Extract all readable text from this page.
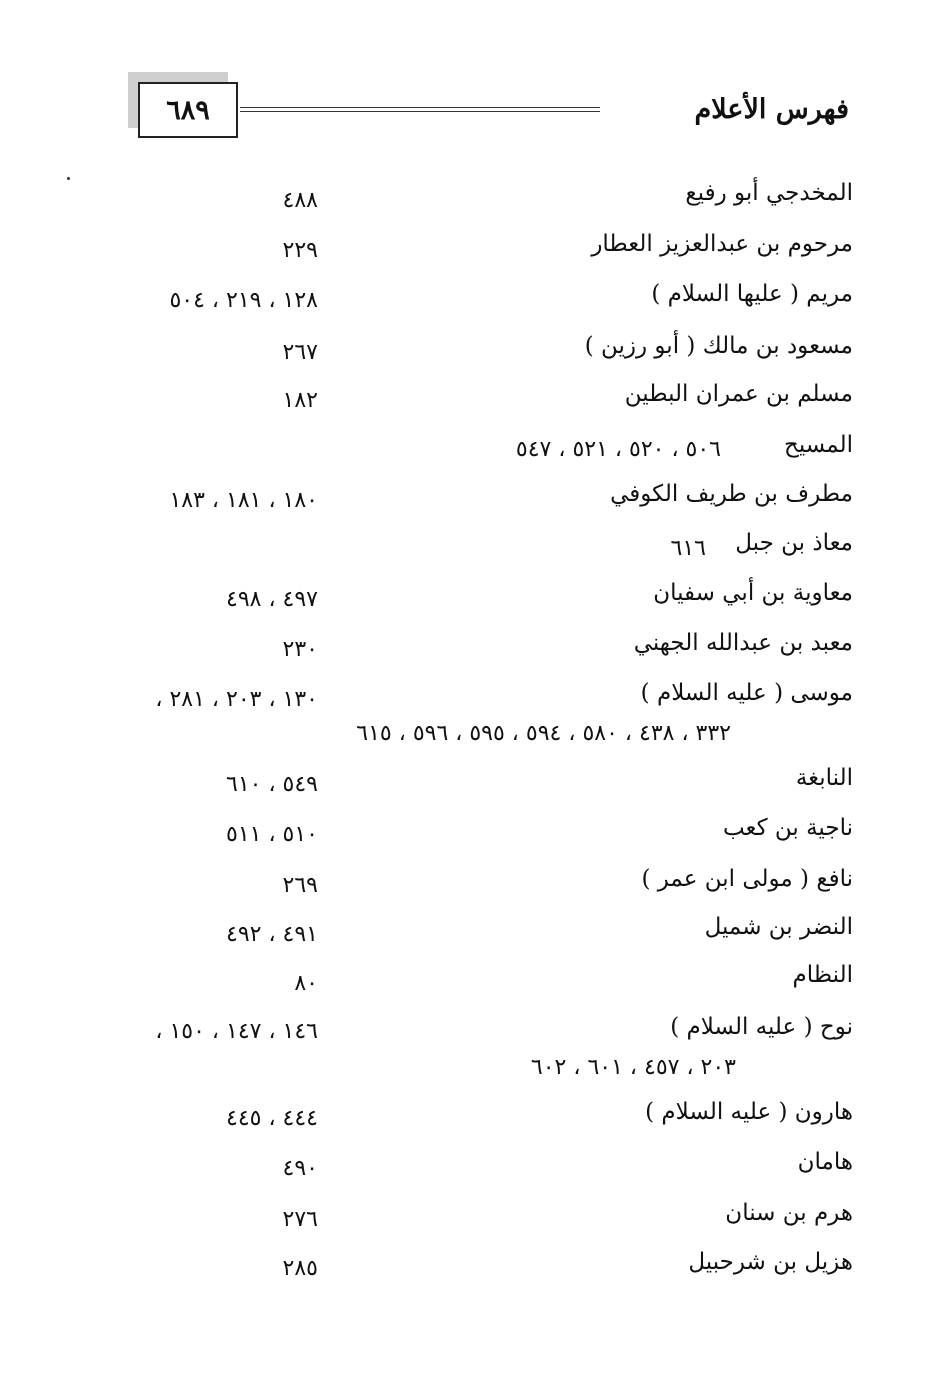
٦٨٩	فهرس الأعلام
المخدجي أبو رفيع
٤٨٨
مرحوم بن عبدالعزيز العطار
٢٢٩
مريم ( عليها السلام )
١٢٨ ، ٢١٩ ، ٥٠٤
مسعود بن مالك ( أبو رزين )
٢٦٧
مسلم بن عمران البطين
١٨٢
المسيح
٥٠٦ ، ٥٢٠ ، ٥٢١ ، ٥٤٧
مطرف بن طريف الكوفي
١٨٠ ، ١٨١ ، ١٨٣
معاذ بن جبل
٦١٦
معاوية بن أبي سفيان
٤٩٧ ، ٤٩٨
معبد بن عبدالله الجهني
٢٣٠
موسى ( عليه السلام )
١٣٠ ، ٢٠٣ ، ٢٨١ ،
٣٣٢ ، ٤٣٨ ، ٥٨٠ ، ٥٩٤ ، ٥٩٥ ، ٥٩٦ ، ٦١٥
النابغة
٥٤٩ ، ٦١٠
ناجية بن كعب
٥١٠ ، ٥١١
نافع ( مولى ابن عمر )
٢٦٩
النضر بن شميل
٤٩١ ، ٤٩٢
النظام
٨٠
نوح ( عليه السلام )
١٤٦ ، ١٤٧ ، ١٥٠ ،
٢٠٣ ، ٤٥٧ ، ٦٠١ ، ٦٠٢
هارون ( عليه السلام )
٤٤٤ ، ٤٤٥
هامان
٤٩٠
هرم بن سنان
٢٧٦
هزيل بن شرحبيل
٢٨٥
